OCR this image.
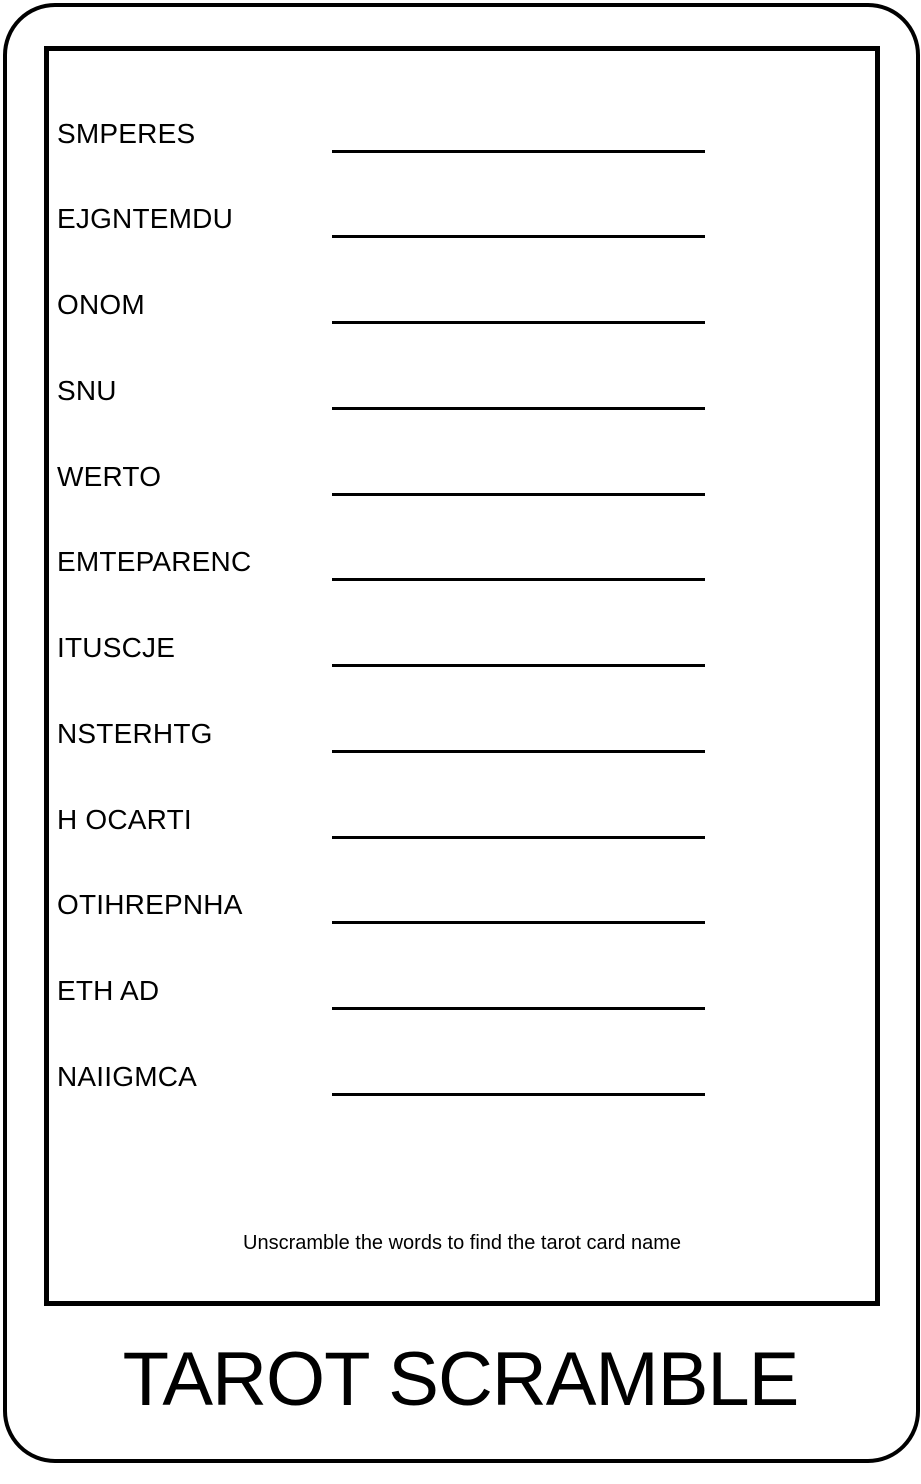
SMPERES
EJGNTEMDU
ONOM
SNU
WERTO
EMTEPARENC
ITUSCJE
NSTERHTG
H OCARTI
OTIHREPNHA
ETH AD
NAIIGMCA
Unscramble the words to find the tarot card name
TAROT SCRAMBLE
